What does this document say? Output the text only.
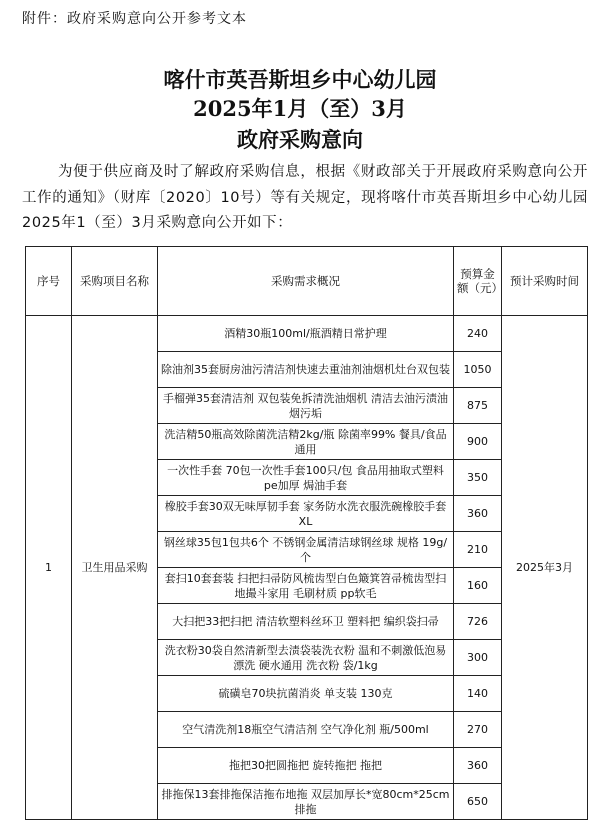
附件：政府采购意向公开参考文本
喀什市英吾斯坦乡中心幼儿园
2025年1月（至）3月
政府采购意向
为便于供应商及时了解政府采购信息，根据《财政部关于开展政府采购意向公开工作的通知》（财库〔2020〕10号）等有关规定，现将喀什市英吾斯坦乡中心幼儿园2025年1（至）3月采购意向公开如下：
序号	采购项目名称	采购需求概况	预算金额（元）	预计采购时间
1	卫生用品采购	酒精30瓶100ml/瓶酒精日常护理	240	2025年3月
		除油剂35套厨房油污清洁剂快速去重油剂油烟机灶台双包装	1050	
		手榴弹35套清洁剂 双包装免拆清洗油烟机 清洁去油污渍油烟污垢	875	
		洗洁精50瓶高效除菌洗洁精2kg/瓶 除菌率99% 餐具/食品通用	900	
		一次性手套 70包一次性手套100只/包 食品用抽取式塑料pe加厚 焗油手套	350	
		橡胶手套30双无味厚韧手套 家务防水洗衣服洗碗橡胶手套 XL	360	
		钢丝球35包1包共6个 不锈钢金属清洁球钢丝球 规格 19g/个	210	
		套扫10套套装 扫把扫帚防风梳齿型白色簸箕笤帚梳齿型扫地撮斗家用 毛刷材质 pp软毛	160	
		大扫把33把扫把 清洁软塑料丝环卫 塑料把 编织袋扫帚	726	
		洗衣粉30袋自然清新型去渍袋装洗衣粉 温和不刺激低泡易漂洗 硬水通用 洗衣粉 袋/1kg	300	
		硫磺皂70块抗菌消炎 单支装 130克	140	
		空气清洗剂18瓶空气清洁剂 空气净化剂 瓶/500ml	270	
		拖把30把圆拖把 旋转拖把 拖把	360	
		排拖保13套排拖保洁拖布地拖 双层加厚长*宽80cm*25cm 排拖	650	
